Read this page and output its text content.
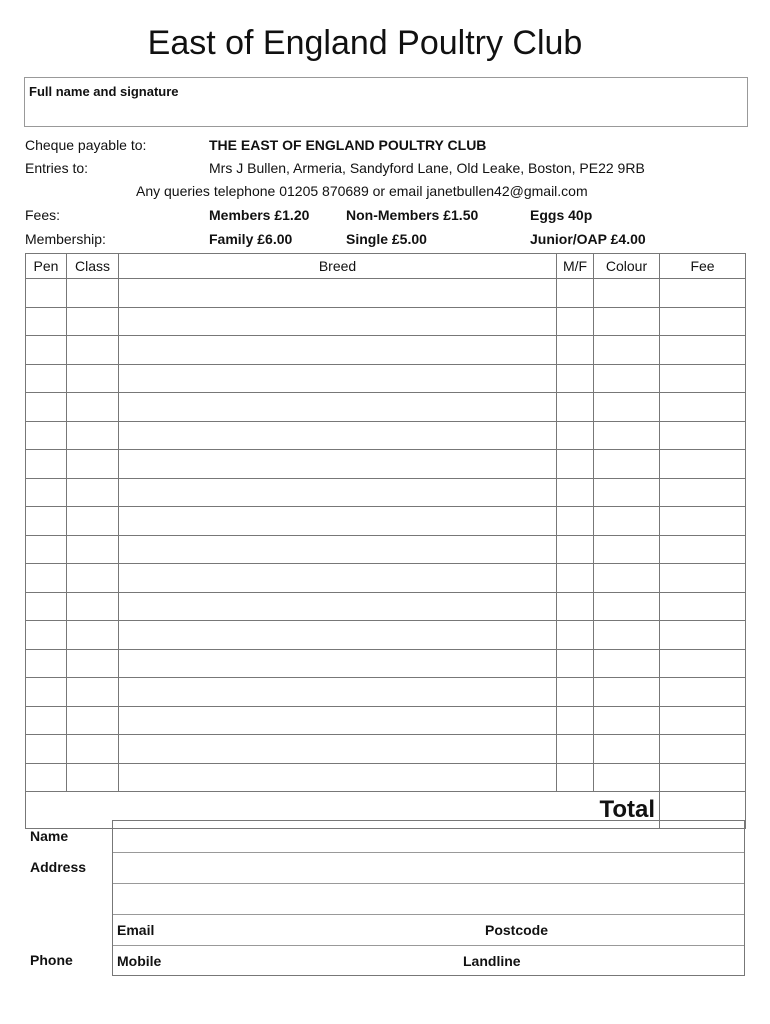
East of England Poultry Club
Full name and signature
Cheque payable to:	THE EAST OF ENGLAND POULTRY CLUB
Entries to:	Mrs J Bullen, Armeria, Sandyford Lane, Old Leake, Boston, PE22 9RB
Any queries telephone 01205 870689 or email janetbullen42@gmail.com
Fees:	Members £1.20	Non-Members £1.50	Eggs 40p
Membership:	Family £6.00	Single £5.00	Junior/OAP £4.00
Pen	Class	Breed	M/F	Colour	Fee

Total					
Name
Address
Phone
Email	Postcode
Mobile	Landline
